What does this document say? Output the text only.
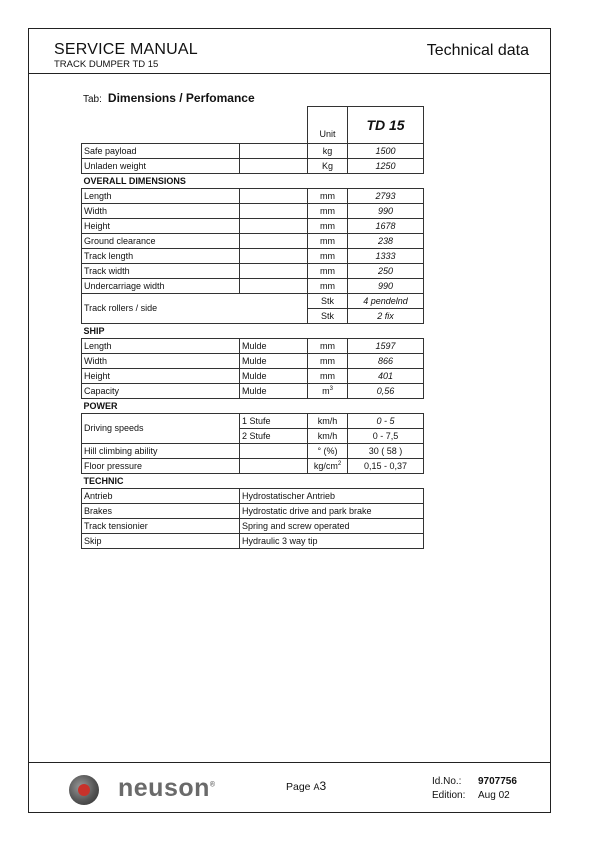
SERVICE MANUAL
TRACK DUMPER TD 15
Technical data
Tab: Dimensions / Perfomance
		Unit	TD 15
Safe payload		kg	1500
Unladen weight		Kg	1250
OVERALL DIMENSIONS			
Length		mm	2793
Width		mm	990
Height		mm	1678
Ground clearance		mm	238
Track length		mm	1333
Track width		mm	250
Undercarriage width		mm	990
Track rollers / side		Stk	4 pendelnd
		Stk	2 fix
SHIP			
Length	Mulde	mm	1597
Width	Mulde	mm	866
Height	Mulde	mm	401
Capacity	Mulde	$m^3$	0,56
POWER			
Driving speeds	1 Stufe	km/h	0 - 5
	2 Stufe	km/h	0 - 7,5
Hill climbing ability		° (%)	30 ( 58 )
Floor pressure		$kg/cm^2$	0,15 - 0,37
TECHNIC			
Antrieb	Hydrostatischer Antrieb		
Brakes	Hydrostatic drive and park brake		
Track tensionier	Spring and screw operated		
Skip	Hydraulic 3 way tip		
neuson®	Page A3	Id.No.: 9707756
Edition: Aug 02
